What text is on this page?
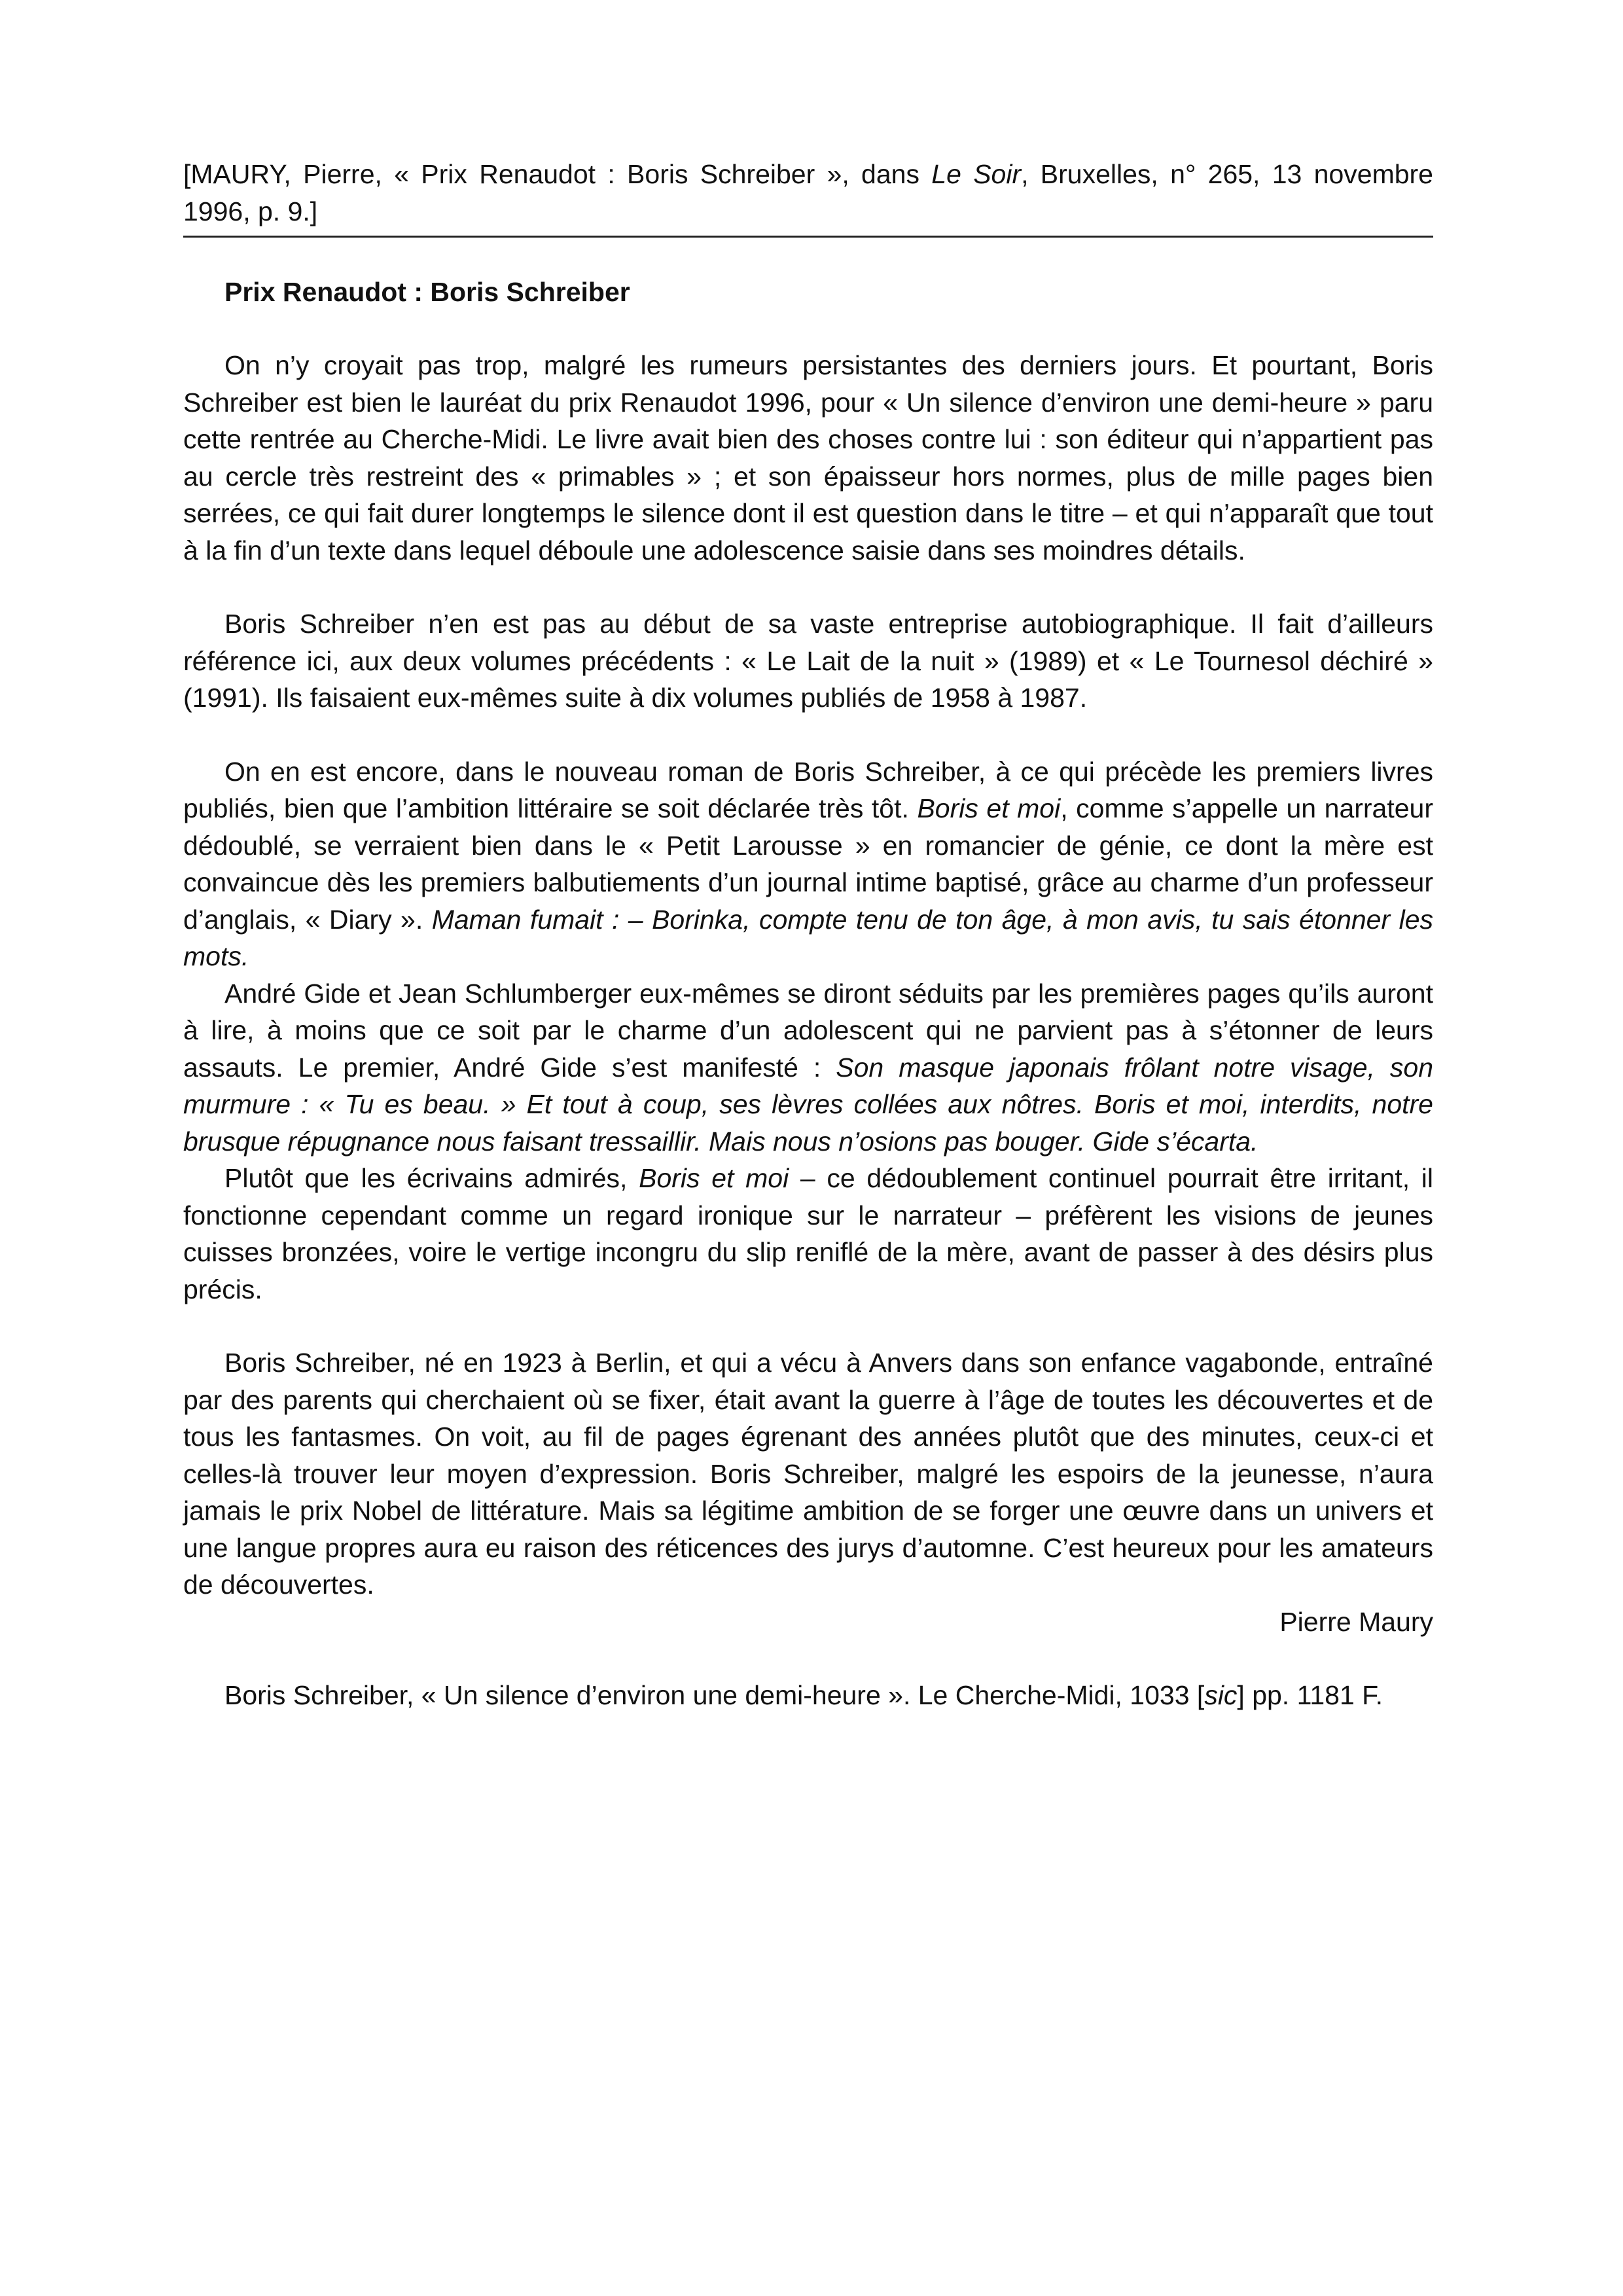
[MAURY, Pierre, « Prix Renaudot : Boris Schreiber », dans Le Soir, Bruxelles, n° 265, 13 novembre 1996, p. 9.]
Prix Renaudot : Boris Schreiber

On n’y croyait pas trop, malgré les rumeurs persistantes des derniers jours. Et pourtant, Boris Schreiber est bien le lauréat du prix Renaudot 1996, pour « Un silence d’environ une demi-heure » paru cette rentrée au Cherche-Midi. Le livre avait bien des choses contre lui : son éditeur qui n’appartient pas au cercle très restreint des « primables » ; et son épaisseur hors normes, plus de mille pages bien serrées, ce qui fait durer longtemps le silence dont il est question dans le titre – et qui n’apparaît que tout à la fin d’un texte dans lequel déboule une adolescence saisie dans ses moindres détails.

Boris Schreiber n’en est pas au début de sa vaste entreprise autobiographique. Il fait d’ailleurs référence ici, aux deux volumes précédents : « Le Lait de la nuit » (1989) et « Le Tournesol déchiré » (1991). Ils faisaient eux-mêmes suite à dix volumes publiés de 1958 à 1987.

On en est encore, dans le nouveau roman de Boris Schreiber, à ce qui précède les premiers livres publiés, bien que l’ambition littéraire se soit déclarée très tôt. Boris et moi, comme s’appelle un narrateur dédoublé, se verraient bien dans le « Petit Larousse » en romancier de génie, ce dont la mère est convaincue dès les premiers balbutiements d’un journal intime baptisé, grâce au charme d’un professeur d’anglais, « Diary ». Maman fumait : – Borinka, compte tenu de ton âge, à mon avis, tu sais étonner les mots.

André Gide et Jean Schlumberger eux-mêmes se diront séduits par les premières pages qu’ils auront à lire, à moins que ce soit par le charme d’un adolescent qui ne parvient pas à s’étonner de leurs assauts. Le premier, André Gide s’est manifesté : Son masque japonais frôlant notre visage, son murmure : « Tu es beau. » Et tout à coup, ses lèvres collées aux nôtres. Boris et moi, interdits, notre brusque répugnance nous faisant tressaillir. Mais nous n’osions pas bouger. Gide s’écarta.

Plutôt que les écrivains admirés, Boris et moi – ce dédoublement continuel pourrait être irritant, il fonctionne cependant comme un regard ironique sur le narrateur – préfèrent les visions de jeunes cuisses bronzées, voire le vertige incongru du slip reniflé de la mère, avant de passer à des désirs plus précis.

Boris Schreiber, né en 1923 à Berlin, et qui a vécu à Anvers dans son enfance vagabonde, entraîné par des parents qui cherchaient où se fixer, était avant la guerre à l’âge de toutes les découvertes et de tous les fantasmes. On voit, au fil de pages égrenant des années plutôt que des minutes, ceux-ci et celles-là trouver leur moyen d’expression. Boris Schreiber, malgré les espoirs de la jeunesse, n’aura jamais le prix Nobel de littérature. Mais sa légitime ambition de se forger une œuvre dans un univers et une langue propres aura eu raison des réticences des jurys d’automne. C’est heureux pour les amateurs de découvertes.

Pierre Maury

Boris Schreiber, « Un silence d’environ une demi-heure ». Le Cherche-Midi, 1033 [sic] pp. 1181 F.
